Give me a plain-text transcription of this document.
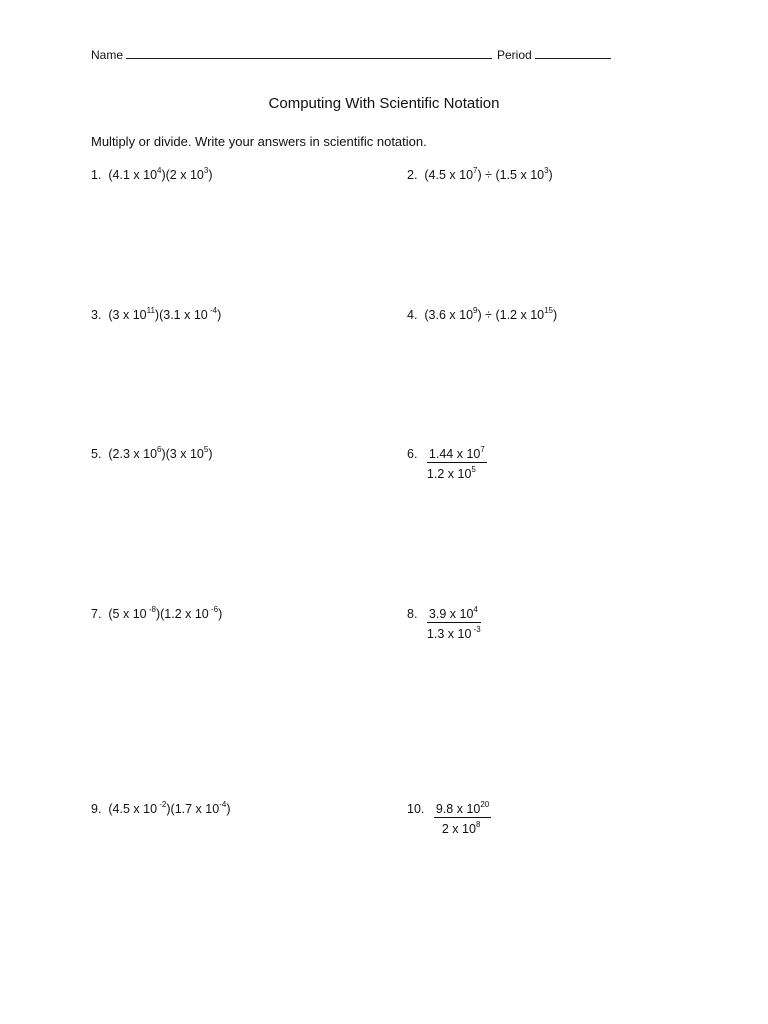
Name	Period
Computing With Scientific Notation
Multiply or divide. Write your answers in scientific notation.
1. (4.1 x $10^4)(2$ x $10^3$)	2. (4.5 x $10^7) \div (1.5$ x $10^3$)
3. (3 x $10^{11})(3.1$ x 10 $^{-4}$)	4. (3.6 x $10^9) \div (1.2$ x $10^{15}$)
5. (2.3 x $10^6)(3$ x $10^5$)	6. $\frac{1.44 x 10^7}{1.2 x 10^5}$
7. (5 x 10 $^{-8}$)(1.2 x 10 $^{-6}$)	8. $\frac{3.9 x 10^4}{1.3 x 10 ^{-3}}$
9. (4.5 x 10 $^{-2}$)(1.7 x $10^{-4}$)	10. $\frac{9.8 x 10^{20}}{2 x 10^8}$
